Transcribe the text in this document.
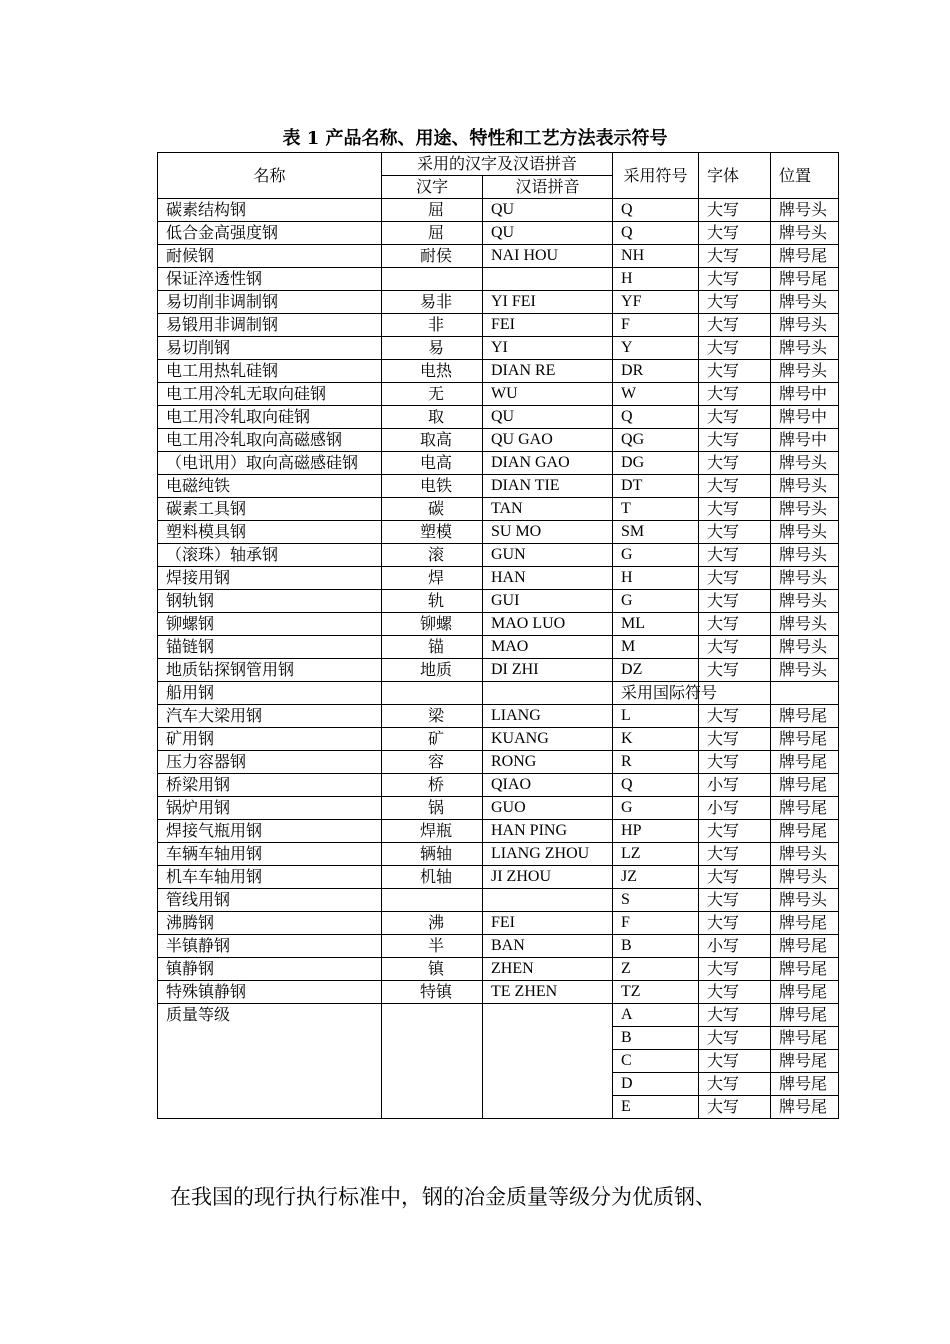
表 1 产品名称、用途、特性和工艺方法表示符号
名称	采用的汉字及汉语拼音		采用符号	字体	位置
	汉字	汉语拼音			
碳素结构钢	屈	QU	Q	大写	牌号头
低合金高强度钢	屈	QU	Q	大写	牌号头
耐候钢	耐侯	NAI HOU	NH	大写	牌号尾
保证淬透性钢			H	大写	牌号尾
易切削非调制钢	易非	YI FEI	YF	大写	牌号头
易锻用非调制钢	非	FEI	F	大写	牌号头
易切削钢	易	YI	Y	大写	牌号头
电工用热轧硅钢	电热	DIAN RE	DR	大写	牌号头
电工用冷轧无取向硅钢	无	WU	W	大写	牌号中
电工用冷轧取向硅钢	取	QU	Q	大写	牌号中
电工用冷轧取向高磁感钢	取高	QU GAO	QG	大写	牌号中
（电讯用）取向高磁感硅钢	电高	DIAN GAO	DG	大写	牌号头
电磁纯铁	电铁	DIAN TIE	DT	大写	牌号头
碳素工具钢	碳	TAN	T	大写	牌号头
塑料模具钢	塑模	SU MO	SM	大写	牌号头
（滚珠）轴承钢	滚	GUN	G	大写	牌号头
焊接用钢	焊	HAN	H	大写	牌号头
钢轨钢	轨	GUI	G	大写	牌号头
铆螺钢	铆螺	MAO LUO	ML	大写	牌号头
锚链钢	锚	MAO	M	大写	牌号头
地质钻探钢管用钢	地质	DI ZHI	DZ	大写	牌号头
船用钢			采用国际符号		
汽车大梁用钢	梁	LIANG	L	大写	牌号尾
矿用钢	矿	KUANG	K	大写	牌号尾
压力容器钢	容	RONG	R	大写	牌号尾
桥梁用钢	桥	QIAO	Q	小写	牌号尾
锅炉用钢	锅	GUO	G	小写	牌号尾
焊接气瓶用钢	焊瓶	HAN PING	HP	大写	牌号尾
车辆车轴用钢	辆轴	LIANG ZHOU	LZ	大写	牌号头
机车车轴用钢	机轴	JI ZHOU	JZ	大写	牌号头
管线用钢			S	大写	牌号头
沸腾钢	沸	FEI	F	大写	牌号尾
半镇静钢	半	BAN	B	小写	牌号尾
镇静钢	镇	ZHEN	Z	大写	牌号尾
特殊镇静钢	特镇	TE ZHEN	TZ	大写	牌号尾
质量等级			A	大写	牌号尾
			B	大写	牌号尾
			C	大写	牌号尾
			D	大写	牌号尾
			E	大写	牌号尾
在我国的现行执行标准中，钢的冶金质量等级分为优质钢、
